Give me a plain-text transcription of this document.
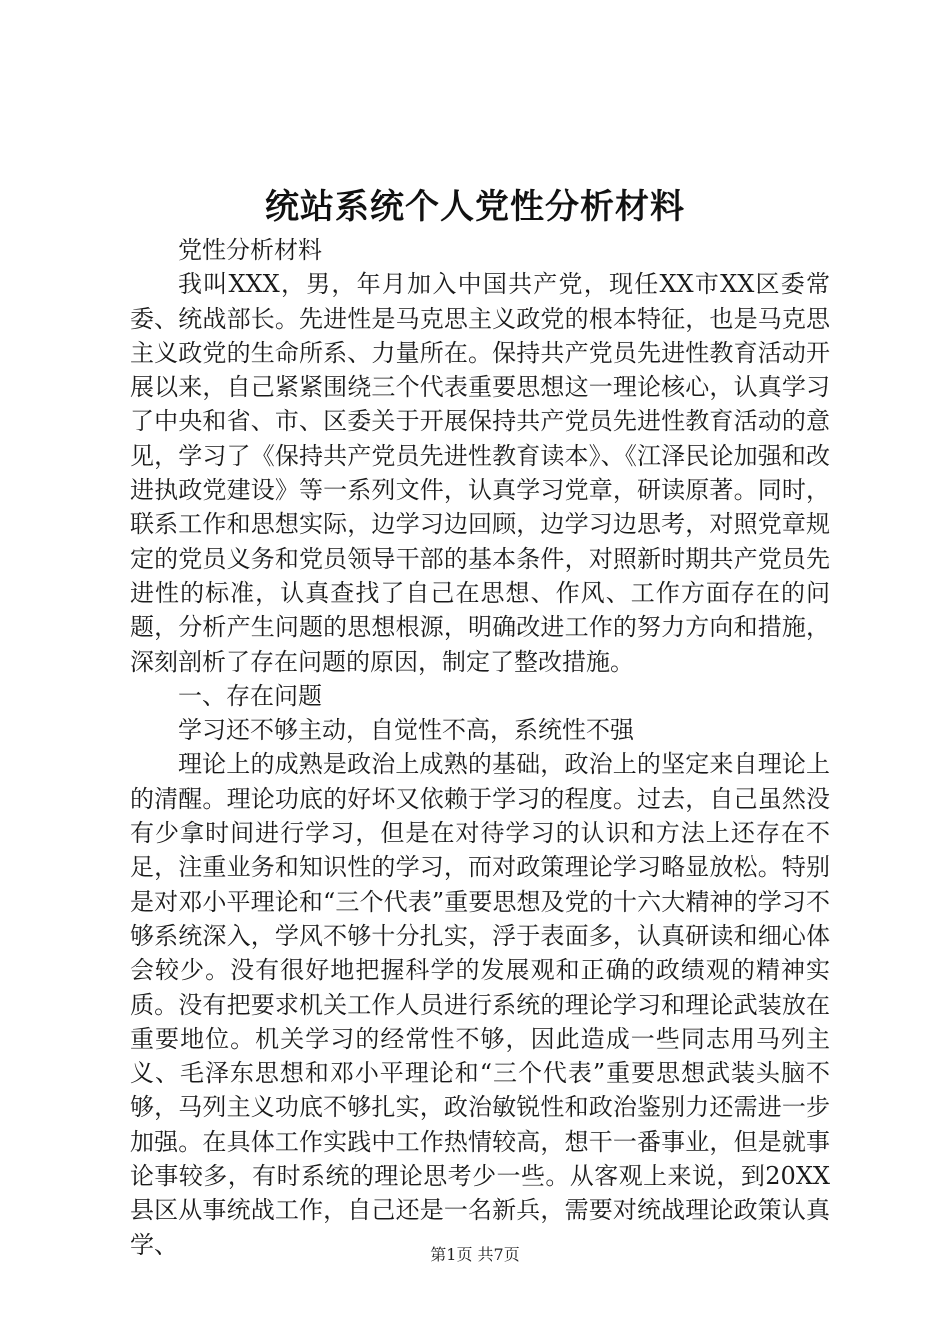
统站系统个人党性分析材料

党性分析材料

我叫XXX，男，年月加入中国共产党，现任XX市XX区委常委、统战部长。先进性是马克思主义政党的根本特征，也是马克思主义政党的生命所系、力量所在。保持共产党员先进性教育活动开展以来，自己紧紧围绕三个代表重要思想这一理论核心，认真学习了中央和省、市、区委关于开展保持共产党员先进性教育活动的意见，学习了《保持共产党员先进性教育读本》、《江泽民论加强和改进执政党建设》等一系列文件，认真学习党章，研读原著。同时，联系工作和思想实际，边学习边回顾，边学习边思考，对照党章规定的党员义务和党员领导干部的基本条件，对照新时期共产党员先进性的标准，认真查找了自己在思想、作风、工作方面存在的问题，分析产生问题的思想根源，明确改进工作的努力方向和措施，深刻剖析了存在问题的原因，制定了整改措施。

一、存在问题

学习还不够主动，自觉性不高，系统性不强

理论上的成熟是政治上成熟的基础，政治上的坚定来自理论上的清醒。理论功底的好坏又依赖于学习的程度。过去，自己虽然没有少拿时间进行学习，但是在对待学习的认识和方法上还存在不足，注重业务和知识性的学习，而对政策理论学习略显放松。特别是对邓小平理论和“三个代表”重要思想及党的十六大精神的学习不够系统深入，学风不够十分扎实，浮于表面多，认真研读和细心体会较少。没有很好地把握科学的发展观和正确的政绩观的精神实质。没有把要求机关工作人员进行系统的理论学习和理论武装放在重要地位。机关学习的经常性不够，因此造成一些同志用马列主义、毛泽东思想和邓小平理论和“三个代表”重要思想武装头脑不够，马列主义功底不够扎实，政治敏锐性和政治鉴别力还需进一步加强。在具体工作实践中工作热情较高，想干一番事业，但是就事论事较多，有时系统的理论思考少一些。从客观上来说，到20XX县区从事统战工作，自己还是一名新兵，需要对统战理论政策认真学、	第1页 共7页
